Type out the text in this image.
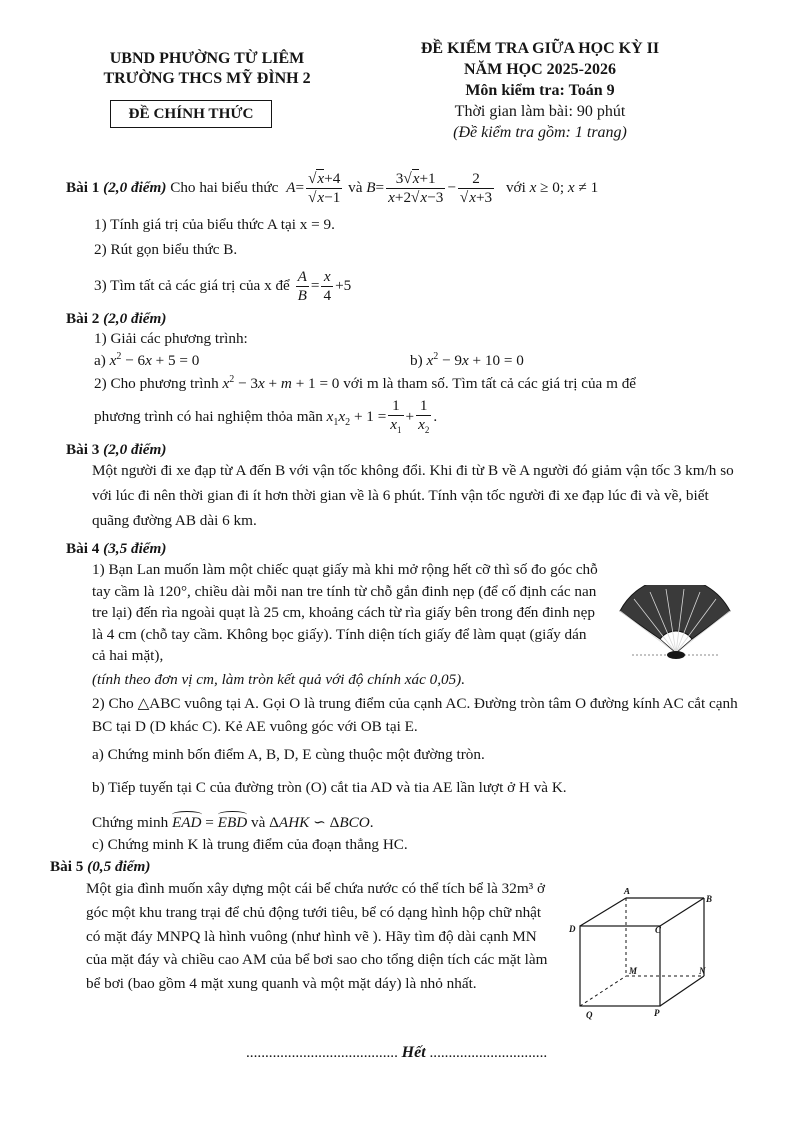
UBND PHƯỜNG TỪ LIÊM
TRƯỜNG THCS MỸ ĐÌNH 2
ĐỀ CHÍNH THỨC
ĐỀ KIỂM TRA GIỮA HỌC KỲ II
NĂM HỌC 2025-2026
Môn kiểm tra: Toán 9
Thời gian làm bài: 90 phút
(Đề kiểm tra gồm: 1 trang)
Bài 1 (2,0 điểm) Cho hai biểu thức $A= \frac{√x+4}{√x-1}$ và $B= \frac{3√x+1}{x+2√x-3} - \frac{2}{√x+3}$ với x ≥ 0; x ≠ 1
1) Tính giá trị của biểu thức A tại x = 9.
2) Rút gọn biểu thức B.
3) Tìm tất cả các giá trị của x để $\frac{A}{B} = \frac{x}{4} +5$
Bài 2 (2,0 điểm)
1) Giải các phương trình:
a) $x^2 - 6x + 5 = 0$	b) $x^2 - 9x + 10 = 0$
2) Cho phương trình $x^2 - 3x + m + 1 = 0$ với m là tham số. Tìm tất cả các giá trị của m để
phương trình có hai nghiệm thỏa mãn $x_1x_2 + 1 = \frac{1}{x_1} + \frac{1}{x_2}$ .
Bài 3 (2,0 điểm)
Một người đi xe đạp từ A đến B với vận tốc không đổi. Khi đi từ B về A người đó giảm vận tốc 3 km/h so với lúc đi nên thời gian đi ít hơn thời gian về là 6 phút. Tính vận tốc người đi xe đạp lúc đi và về, biết quãng đường AB dài 6 km.
Bài 4 (3,5 điểm)
1) Bạn Lan muốn làm một chiếc quạt giấy mà khi mở rộng hết cỡ thì số đo góc chỗ tay cầm là 120°, chiều dài mỗi nan tre tính từ chỗ gắn đinh nẹp (để cố định các nan tre lại) đến rìa ngoài quạt là 25 cm, khoảng cách từ rìa giấy bên trong đến đinh nẹp là 4 cm (chỗ tay cầm. Không bọc giấy). Tính diện tích giấy để làm quạt (giấy dán cả hai mặt),
(tính theo đơn vị cm, làm tròn kết quả với độ chính xác 0,05).
2) Cho △ABC vuông tại A. Gọi O là trung điểm của cạnh AC. Đường tròn tâm O đường kính AC cắt cạnh BC tại D (D khác C). Kẻ AE vuông góc với OB tại E.
a) Chứng minh bốn điểm A, B, D, E cùng thuộc một đường tròn.
b) Tiếp tuyến tại C của đường tròn (O) cắt tia AD và tia AE lần lượt ở H và K.
Chứng minh EAD = EBD và ΔAHK ∽ ΔBCO.
c) Chứng minh K là trung điểm của đoạn thẳng HC.
Bài 5 (0,5 điểm)
Một gia đình muốn xây dựng một cái bể chứa nước có thể tích bể là 32m³ ở góc một khu trang trại để chủ động tưới tiêu, bể có dạng hình hộp chữ nhật có mặt đáy MNPQ là hình vuông (như hình vẽ ). Hãy tìm độ dài cạnh MN của mặt đáy và chiều cao AM của bể bơi sao cho tổng diện tích các mặt làm bể bơi (bao gồm 4 mặt xung quanh và một mặt dáy) là nhỏ nhất.
A
B
C
D
M	N
P
Q
........................................ Hết ...............................
